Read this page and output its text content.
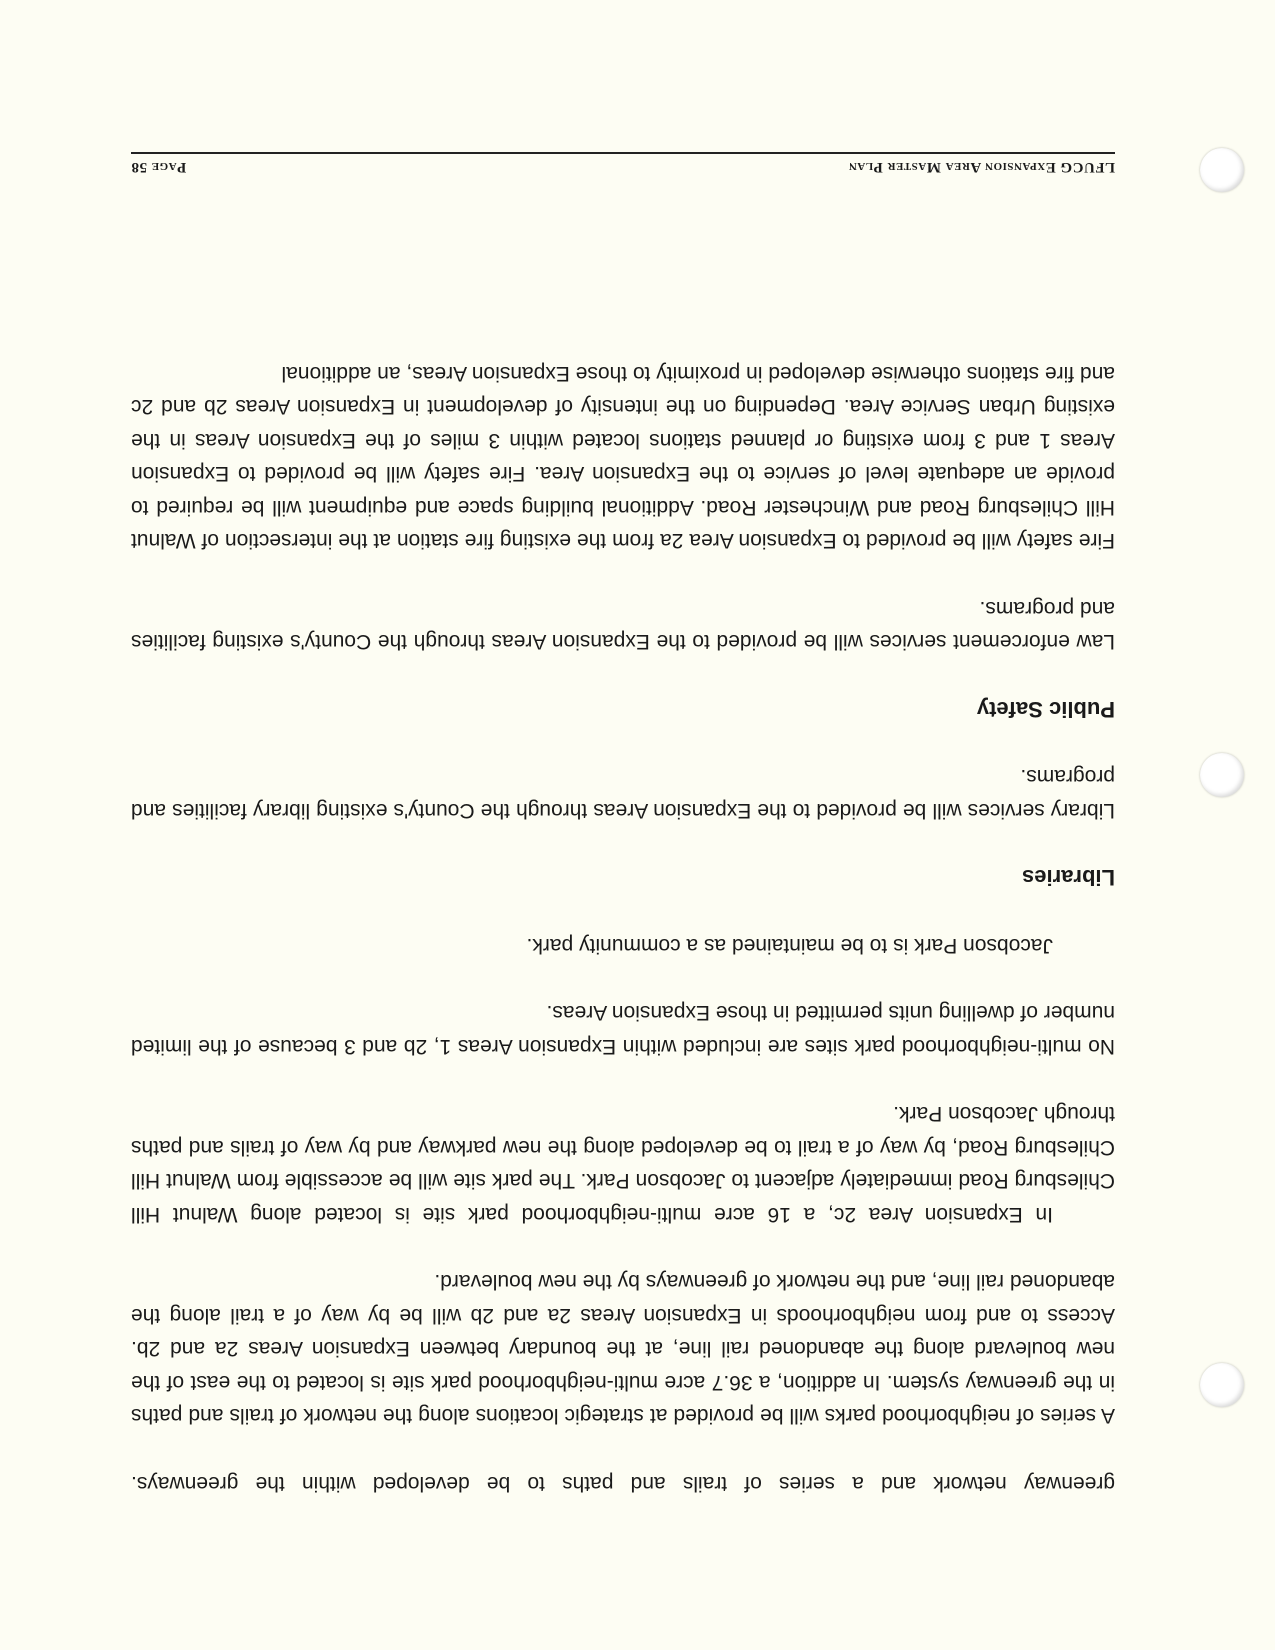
LFUCG Expansion Area Master Plan
Page 58

greenway network and a series of trails and paths to be developed within the greenways.

A series of neighborhood parks will be provided at strategic locations along the network of trails and paths in the greenway system. In addition, a 36.7 acre multi-neighborhood park site is located to the east of the new boulevard along the abandoned rail line, at the boundary between Expansion Areas 2a and 2b. Access to and from neighborhoods in Expansion Areas 2a and 2b will be by way of a trail along the abandoned rail line, and the network of greenways by the new boulevard.

In Expansion Area 2c, a 16 acre multi-neighborhood park site is located along Walnut Hill Chilesburg Road immediately adjacent to Jacobson Park. The park site will be accessible from Walnut Hill Chilesburg Road, by way of a trail to be developed along the new parkway and by way of trails and paths through Jacobson Park.

No multi-neighborhood park sites are included within Expansion Areas 1, 2b and 3 because of the limited number of dwelling units permitted in those Expansion Areas.

Jacobson Park is to be maintained as a community park.

Libraries

Library services will be provided to the Expansion Areas through the County's existing library facilities and programs.

Public Safety

Law enforcement services will be provided to the Expansion Areas through the County's existing facilities and programs.

Fire safety will be provided to Expansion Area 2a from the existing fire station at the intersection of Walnut Hill Chilesburg Road and Winchester Road. Additional building space and equipment will be required to provide an adequate level of service to the Expansion Area. Fire safety will be provided to Expansion Areas 1 and 3 from existing or planned stations located within 3 miles of the Expansion Areas in the existing Urban Service Area. Depending on the intensity of development in Expansion Areas 2b and 2c and fire stations otherwise developed in proximity to those Expansion Areas, an additional
